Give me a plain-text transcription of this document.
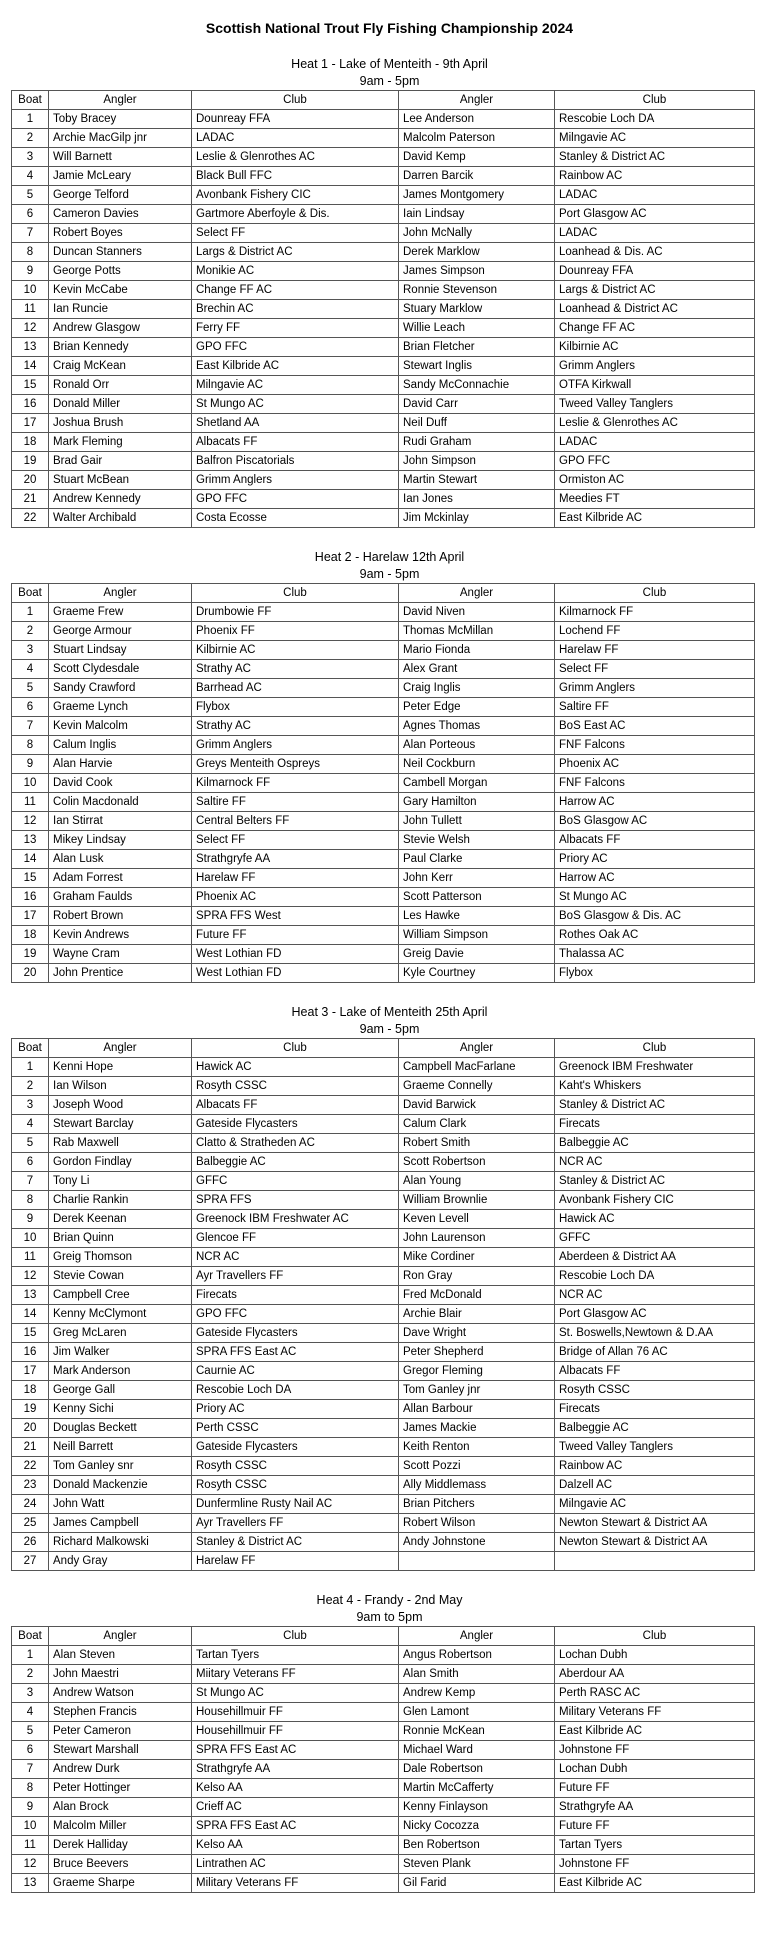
Scottish National Trout Fly Fishing Championship 2024
Heat 1 - Lake of Menteith - 9th April
9am - 5pm
Boat	Angler	Club	Angler	Club
1	Toby Bracey	Dounreay FFA	Lee Anderson	Rescobie Loch DA
2	Archie MacGilp jnr	LADAC	Malcolm Paterson	Milngavie AC
3	Will Barnett	Leslie & Glenrothes AC	David Kemp	Stanley & District AC
4	Jamie McLeary	Black Bull FFC	Darren Barcik	Rainbow AC
5	George Telford	Avonbank Fishery CIC	James Montgomery	LADAC
6	Cameron Davies	Gartmore Aberfoyle & Dis.	Iain Lindsay	Port Glasgow AC
7	Robert Boyes	Select FF	John McNally	LADAC
8	Duncan Stanners	Largs & District AC	Derek Marklow	Loanhead & Dis. AC
9	George Potts	Monikie AC	James Simpson	Dounreay FFA
10	Kevin McCabe	Change FF AC	Ronnie Stevenson	Largs & District AC
11	Ian Runcie	Brechin AC	Stuary Marklow	Loanhead & District AC
12	Andrew Glasgow	Ferry FF	Willie Leach	Change FF AC
13	Brian Kennedy	GPO FFC	Brian Fletcher	Kilbirnie AC
14	Craig McKean	East Kilbride AC	Stewart Inglis	Grimm Anglers
15	Ronald Orr	Milngavie AC	Sandy McConnachie	OTFA Kirkwall
16	Donald Miller	St Mungo AC	David Carr	Tweed Valley Tanglers
17	Joshua Brush	Shetland AA	Neil Duff	Leslie & Glenrothes AC
18	Mark Fleming	Albacats FF	Rudi Graham	LADAC
19	Brad Gair	Balfron Piscatorials	John Simpson	GPO FFC
20	Stuart McBean	Grimm Anglers	Martin Stewart	Ormiston AC
21	Andrew Kennedy	GPO FFC	Ian Jones	Meedies FT
22	Walter Archibald	Costa Ecosse	Jim Mckinlay	East Kilbride AC
Heat 2 - Harelaw 12th April
9am - 5pm
Boat	Angler	Club	Angler	Club
1	Graeme Frew	Drumbowie FF	David Niven	Kilmarnock FF
2	George Armour	Phoenix FF	Thomas McMillan	Lochend FF
3	Stuart Lindsay	Kilbirnie AC	Mario Fionda	Harelaw FF
4	Scott Clydesdale	Strathy AC	Alex Grant	Select FF
5	Sandy Crawford	Barrhead AC	Craig Inglis	Grimm Anglers
6	Graeme Lynch	Flybox	Peter Edge	Saltire FF
7	Kevin Malcolm	Strathy AC	Agnes Thomas	BoS East AC
8	Calum Inglis	Grimm Anglers	Alan Porteous	FNF Falcons
9	Alan Harvie	Greys Menteith Ospreys	Neil Cockburn	Phoenix AC
10	David Cook	Kilmarnock FF	Cambell Morgan	FNF Falcons
11	Colin Macdonald	Saltire FF	Gary Hamilton	Harrow AC
12	Ian Stirrat	Central Belters FF	John Tullett	BoS Glasgow AC
13	Mikey Lindsay	Select FF	Stevie Welsh	Albacats FF
14	Alan Lusk	Strathgryfe AA	Paul Clarke	Priory AC
15	Adam Forrest	Harelaw FF	John Kerr	Harrow AC
16	Graham Faulds	Phoenix AC	Scott Patterson	St Mungo AC
17	Robert Brown	SPRA FFS West	Les Hawke	BoS Glasgow & Dis. AC
18	Kevin Andrews	Future FF	William Simpson	Rothes Oak AC
19	Wayne Cram	West Lothian FD	Greig Davie	Thalassa AC
20	John Prentice	West Lothian FD	Kyle Courtney	Flybox
Heat 3 - Lake of Menteith 25th April
9am - 5pm
Boat	Angler	Club	Angler	Club
1	Kenni Hope	Hawick AC	Campbell MacFarlane	Greenock IBM Freshwater
2	Ian Wilson	Rosyth CSSC	Graeme Connelly	Kaht's Whiskers
3	Joseph Wood	Albacats FF	David Barwick	Stanley & District AC
4	Stewart Barclay	Gateside Flycasters	Calum Clark	Firecats
5	Rab Maxwell	Clatto & Stratheden AC	Robert Smith	Balbeggie AC
6	Gordon Findlay	Balbeggie AC	Scott Robertson	NCR AC
7	Tony Li	GFFC	Alan Young	Stanley & District AC
8	Charlie Rankin	SPRA FFS	William Brownlie	Avonbank Fishery CIC
9	Derek Keenan	Greenock IBM Freshwater AC	Keven Levell	Hawick AC
10	Brian Quinn	Glencoe FF	John Laurenson	GFFC
11	Greig Thomson	NCR AC	Mike Cordiner	Aberdeen & District AA
12	Stevie Cowan	Ayr Travellers FF	Ron Gray	Rescobie Loch DA
13	Campbell Cree	Firecats	Fred McDonald	NCR AC
14	Kenny McClymont	GPO FFC	Archie Blair	Port Glasgow AC
15	Greg McLaren	Gateside Flycasters	Dave Wright	St. Boswells,Newtown & D.AA
16	Jim Walker	SPRA FFS East AC	Peter Shepherd	Bridge of Allan 76 AC
17	Mark Anderson	Caurnie AC	Gregor Fleming	Albacats FF
18	George Gall	Rescobie Loch DA	Tom Ganley jnr	Rosyth CSSC
19	Kenny Sichi	Priory AC	Allan Barbour	Firecats
20	Douglas Beckett	Perth CSSC	James Mackie	Balbeggie AC
21	Neill Barrett	Gateside Flycasters	Keith Renton	Tweed Valley Tanglers
22	Tom Ganley snr	Rosyth CSSC	Scott Pozzi	Rainbow AC
23	Donald Mackenzie	Rosyth CSSC	Ally Middlemass	Dalzell AC
24	John Watt	Dunfermline Rusty Nail AC	Brian Pitchers	Milngavie AC
25	James Campbell	Ayr Travellers FF	Robert Wilson	Newton Stewart & District AA
26	Richard Malkowski	Stanley & District AC	Andy Johnstone	Newton Stewart & District AA
27	Andy Gray	Harelaw FF		
Heat 4 - Frandy - 2nd May
9am to 5pm
Boat	Angler	Club	Angler	Club
1	Alan Steven	Tartan Tyers	Angus Robertson	Lochan Dubh
2	John Maestri	Miitary Veterans FF	Alan Smith	Aberdour AA
3	Andrew Watson	St Mungo AC	Andrew Kemp	Perth RASC AC
4	Stephen Francis	Househillmuir FF	Glen Lamont	Military Veterans FF
5	Peter Cameron	Househillmuir FF	Ronnie McKean	East Kilbride AC
6	Stewart Marshall	SPRA FFS East AC	Michael Ward	Johnstone FF
7	Andrew Durk	Strathgryfe AA	Dale Robertson	Lochan Dubh
8	Peter Hottinger	Kelso AA	Martin McCafferty	Future FF
9	Alan Brock	Crieff AC	Kenny Finlayson	Strathgryfe AA
10	Malcolm Miller	SPRA FFS East AC	Nicky Cocozza	Future FF
11	Derek Halliday	Kelso AA	Ben Robertson	Tartan Tyers
12	Bruce Beevers	Lintrathen AC	Steven Plank	Johnstone FF
13	Graeme Sharpe	Military Veterans FF	Gil Farid	East Kilbride AC
